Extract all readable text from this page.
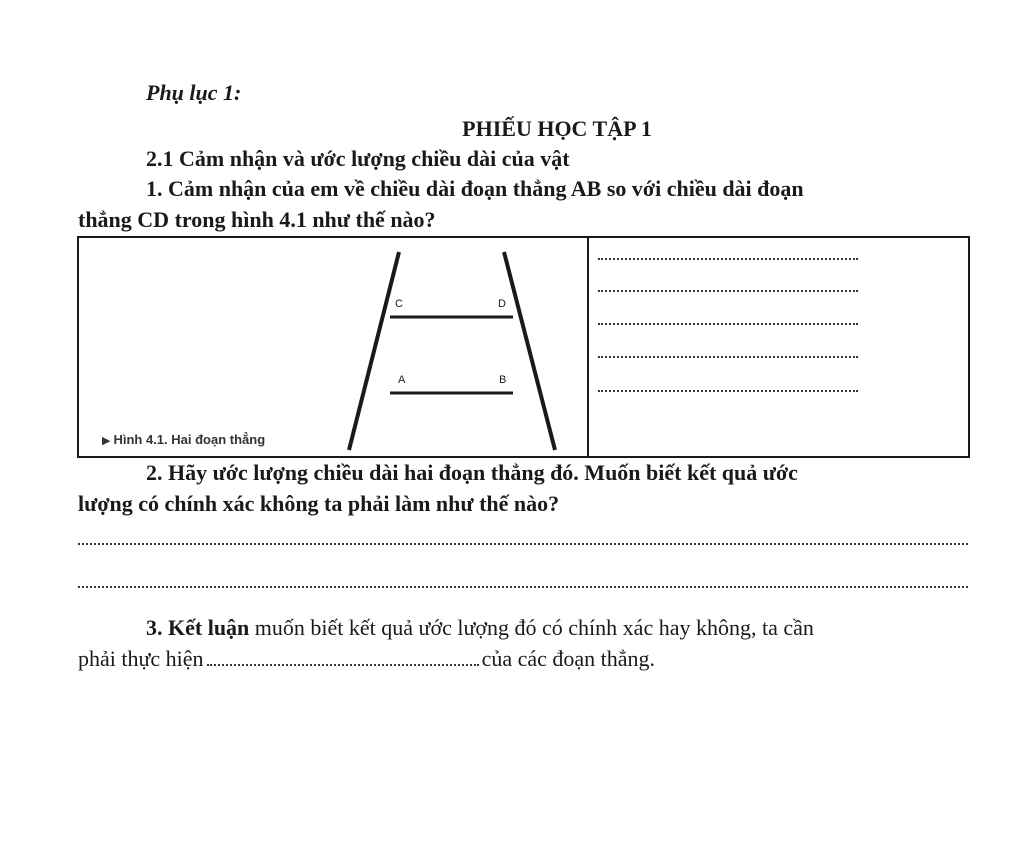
Phụ lục 1:
PHIẾU HỌC TẬP 1
2.1 Cảm nhận và ước lượng chiều dài của vật
1. Cảm nhận của em về chiều dài đoạn thẳng AB so với chiều dài đoạn
thẳng CD trong hình 4.1 như thế nào?
C	D
A	B
▶ Hình 4.1. Hai đoạn thẳng
2. Hãy ước lượng chiều dài hai đoạn thẳng đó. Muốn biết kết quả ước
lượng có chính xác không ta phải làm như thế nào?
3. Kết luận muốn biết kết quả ước lượng đó có chính xác hay không, ta cần
phải thực hiện	của các đoạn thẳng.
